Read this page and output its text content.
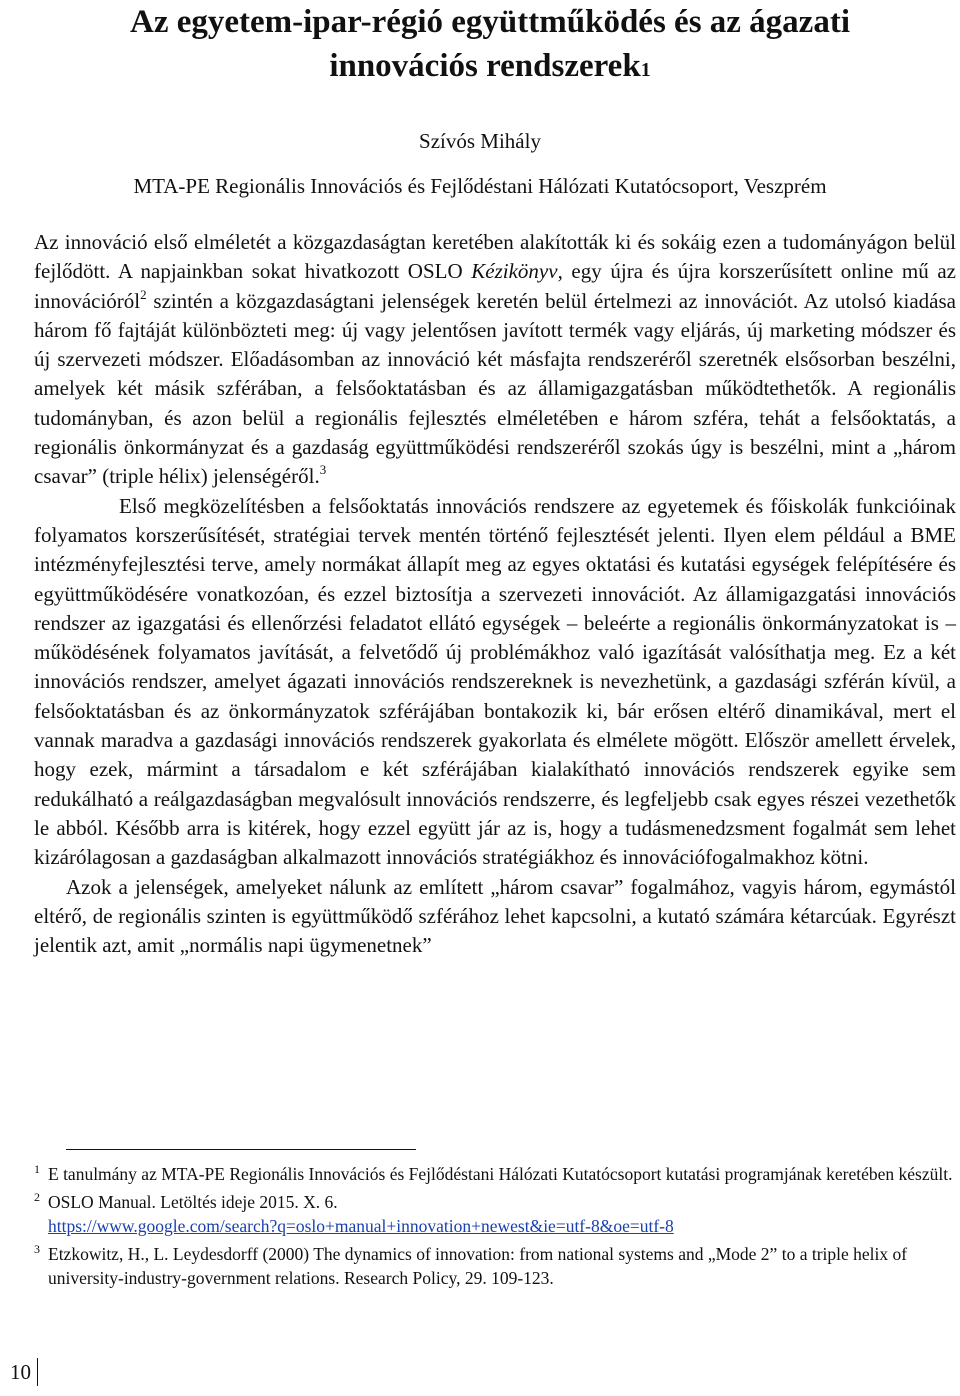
Az egyetem-ipar-régió együttműködés és az ágazati
innovációs rendszerek$^1$
Szívós Mihály
MTA-PE Regionális Innovációs és Fejlődéstani Hálózati Kutatócsoport, Veszprém

Az innováció első elméletét a közgazdaságtan keretében alakították ki és sokáig ezen a tudományágon belül fejlődött. A napjainkban sokat hivatkozott OSLO Kézikönyv, egy újra és újra korszerűsített online mű az innovációról$^2$ szintén a közgazdaságtani jelenségek keretén belül értelmezi az innovációt. Az utolsó kiadása három fő fajtáját különbözteti meg: új vagy jelentősen javított termék vagy eljárás, új marketing módszer és új szervezeti módszer. Előadásomban az innováció két másfajta rendszeréről szeretnék elsősorban beszélni, amelyek két másik szférában, a felsőoktatásban és az államigazgatásban működtethetők. A regionális tudományban, és azon belül a regionális fejlesztés elméletében e három szféra, tehát a felsőoktatás, a regionális önkormányzat és a gazdaság együttműködési rendszeréről szokás úgy is beszélni, mint a „három csavar” (triple hélix) jelenségéről.$^3$

Első megközelítésben a felsőoktatás innovációs rendszere az egyetemek és főiskolák funkcióinak folyamatos korszerűsítését, stratégiai tervek mentén történő fejlesztését jelenti. Ilyen elem például a BME intézményfejlesztési terve, amely normákat állapít meg az egyes oktatási és kutatási egységek felépítésére és együttműködésére vonatkozóan, és ezzel biztosítja a szervezeti innovációt. Az államigazgatási innovációs rendszer az igazgatási és ellenőrzési feladatot ellátó egységek – beleérte a regionális önkormányzatokat is – működésének folyamatos javítását, a felvetődő új problémákhoz való igazítását valósíthatja meg. Ez a két innovációs rendszer, amelyet ágazati innovációs rendszereknek is nevezhetünk, a gazdasági szférán kívül, a felsőoktatásban és az önkormányzatok szférájában bontakozik ki, bár erősen eltérő dinamikával, mert el vannak maradva a gazdasági innovációs rendszerek gyakorlata és elmélete mögött. Először amellett érvelek, hogy ezek, mármint a társadalom e két szférájában kialakítható innovációs rendszerek egyike sem redukálható a reálgazdaságban megvalósult innovációs rendszerre, és legfeljebb csak egyes részei vezethetők le abból. Később arra is kitérek, hogy ezzel együtt jár az is, hogy a tudásmenedzsment fogalmát sem lehet kizárólagosan a gazdaságban alkalmazott innovációs stratégiákhoz és innovációfogalmakhoz kötni.

Azok a jelenségek, amelyeket nálunk az említett „három csavar” fogalmához, vagyis három, egymástól eltérő, de regionális szinten is együttműködő szférához lehet kapcsolni, a kutató számára kétarcúak. Egyrészt jelentik azt, amit „normális napi ügymenetnek”

1 E tanulmány az MTA-PE Regionális Innovációs és Fejlődéstani Hálózati Kutatócsoport kutatási programjának keretében készült.
2 OSLO Manual. Letöltés ideje 2015. X. 6.
https://www.google.com/search?q=oslo+manual+innovation+newest&ie=utf-8&oe=utf-8
3 Etzkowitz, H., L. Leydesdorff (2000) The dynamics of innovation: from national systems and „Mode 2” to a triple helix of university-industry-government relations. Research Policy, 29. 109-123.
10
